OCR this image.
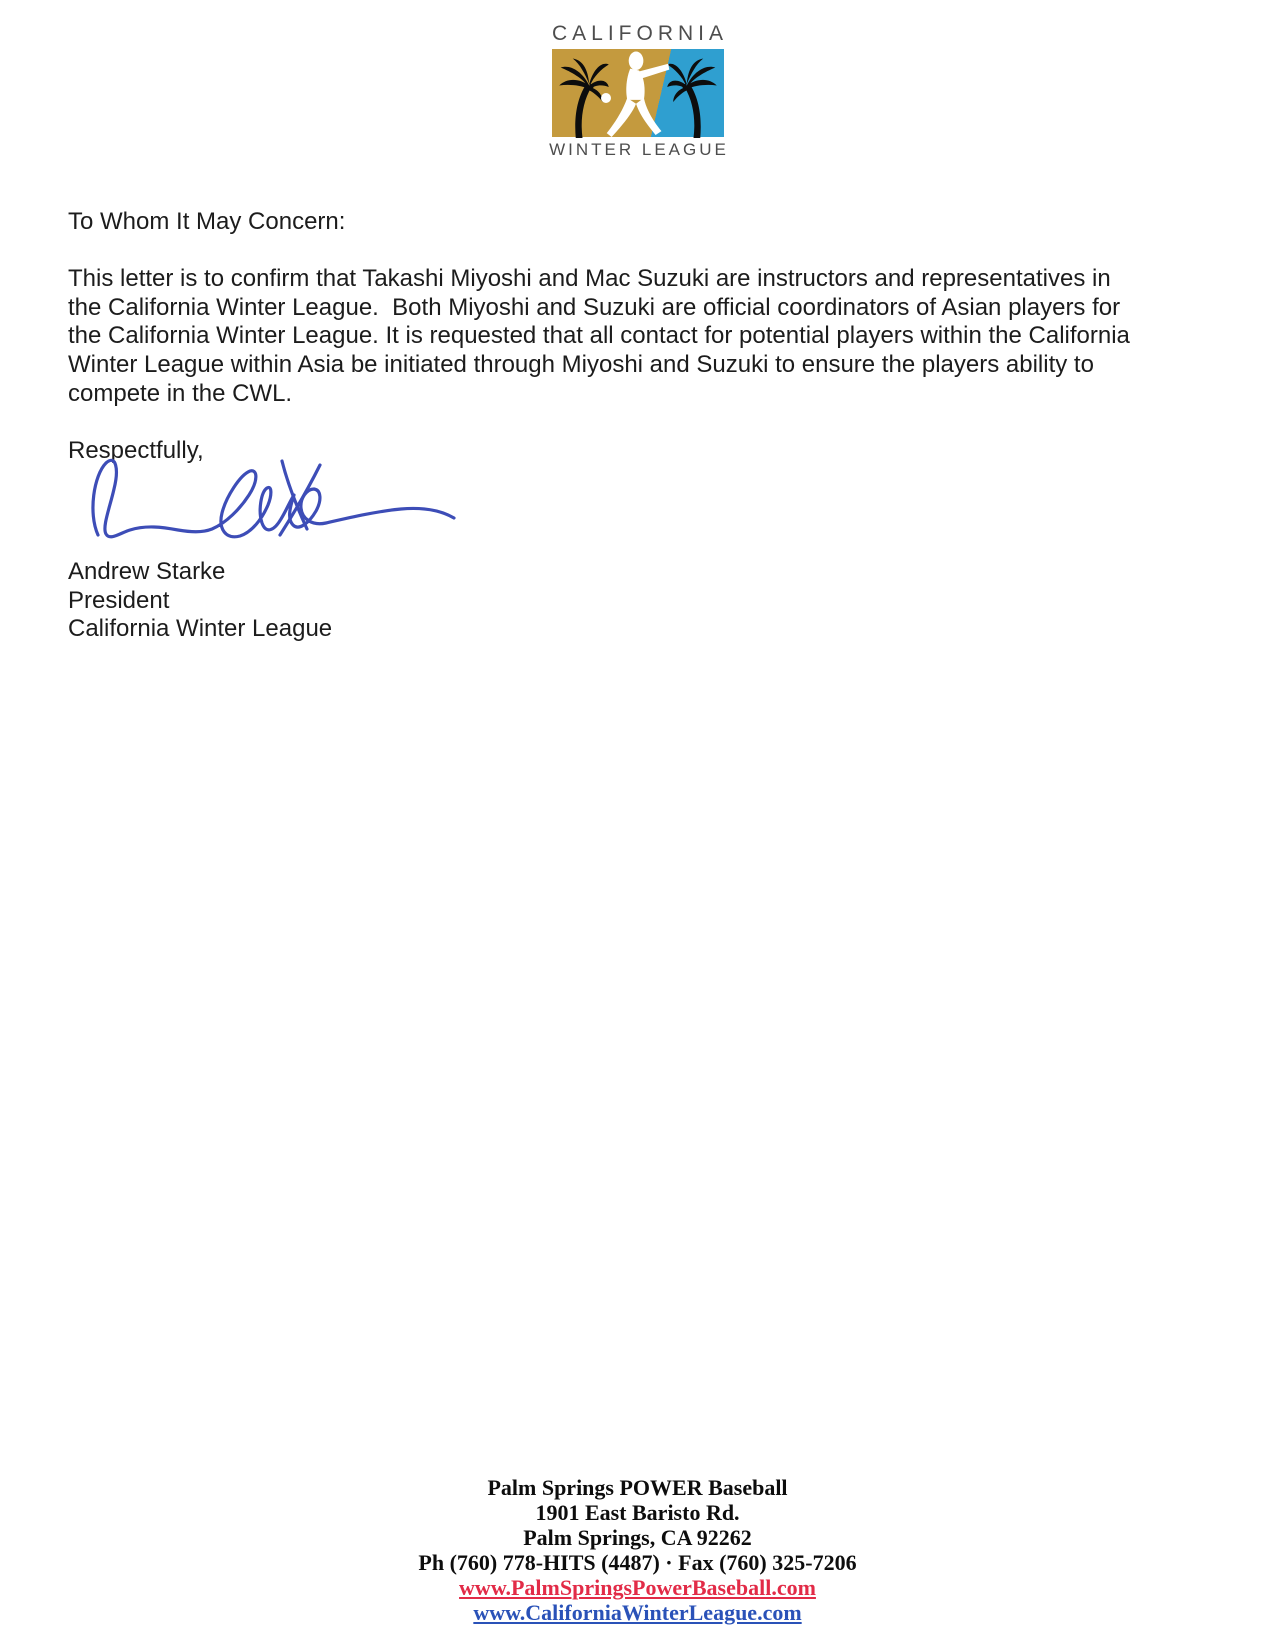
CALIFORNIA
WINTER LEAGUE
To Whom It May Concern:
This letter is to confirm that Takashi Miyoshi and Mac Suzuki are instructors and representatives in
the California Winter League.  Both Miyoshi and Suzuki are official coordinators of Asian players for
the California Winter League. It is requested that all contact for potential players within the California
Winter League within Asia be initiated through Miyoshi and Suzuki to ensure the players ability to
compete in the CWL.
Respectfully,
Andrew Starke
President
California Winter League
Palm Springs POWER Baseball
1901 East Baristo Rd.
Palm Springs, CA 92262
Ph (760) 778-HITS (4487) · Fax (760) 325-7206
www.PalmSpringsPowerBaseball.com
www.CaliforniaWinterLeague.com
